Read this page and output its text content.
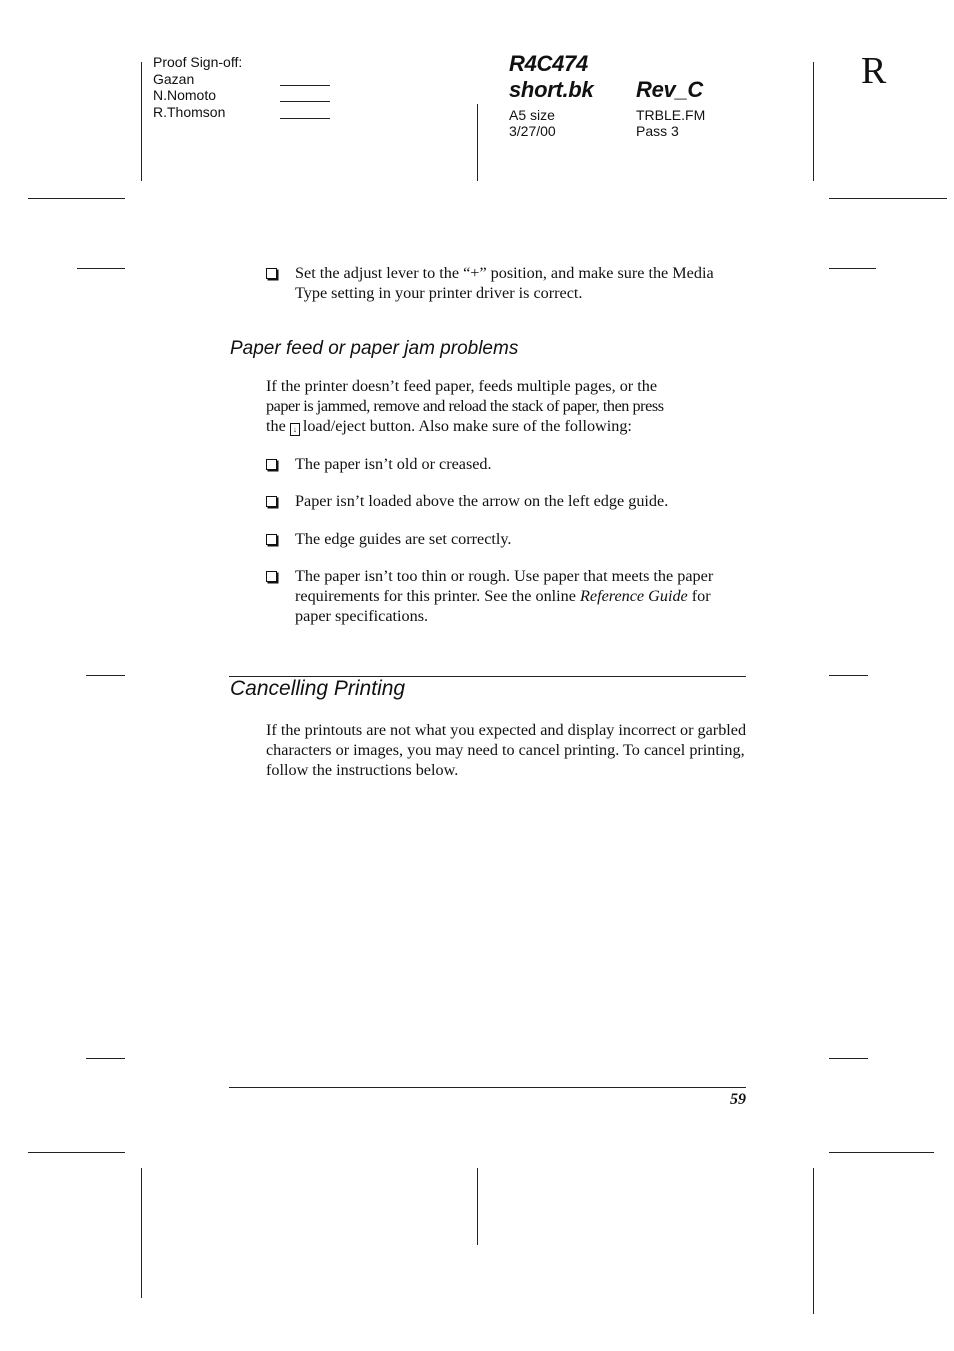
Proof Sign-off:
Gazan
N.Nomoto
R.Thomson
R4C474
short.bk Rev_C
A5 size
3/27/00
TRBLE.FM
Pass 3
R
Set the adjust lever to the “+” position, and make sure the Media Type setting in your printer driver is correct.
Paper feed or paper jam problems
If the printer doesn’t feed paper, feeds multiple pages, or the
paper is jammed, remove and reload the stack of paper, then press
the ↓ load/eject button. Also make sure of the following:
The paper isn’t old or creased.
Paper isn’t loaded above the arrow on the left edge guide.
The edge guides are set correctly.
The paper isn’t too thin or rough. Use paper that meets the paper requirements for this printer. See the online Reference Guide for paper specifications.
Cancelling Printing
If the printouts are not what you expected and display incorrect or garbled characters or images, you may need to cancel printing. To cancel printing, follow the instructions below.
59
